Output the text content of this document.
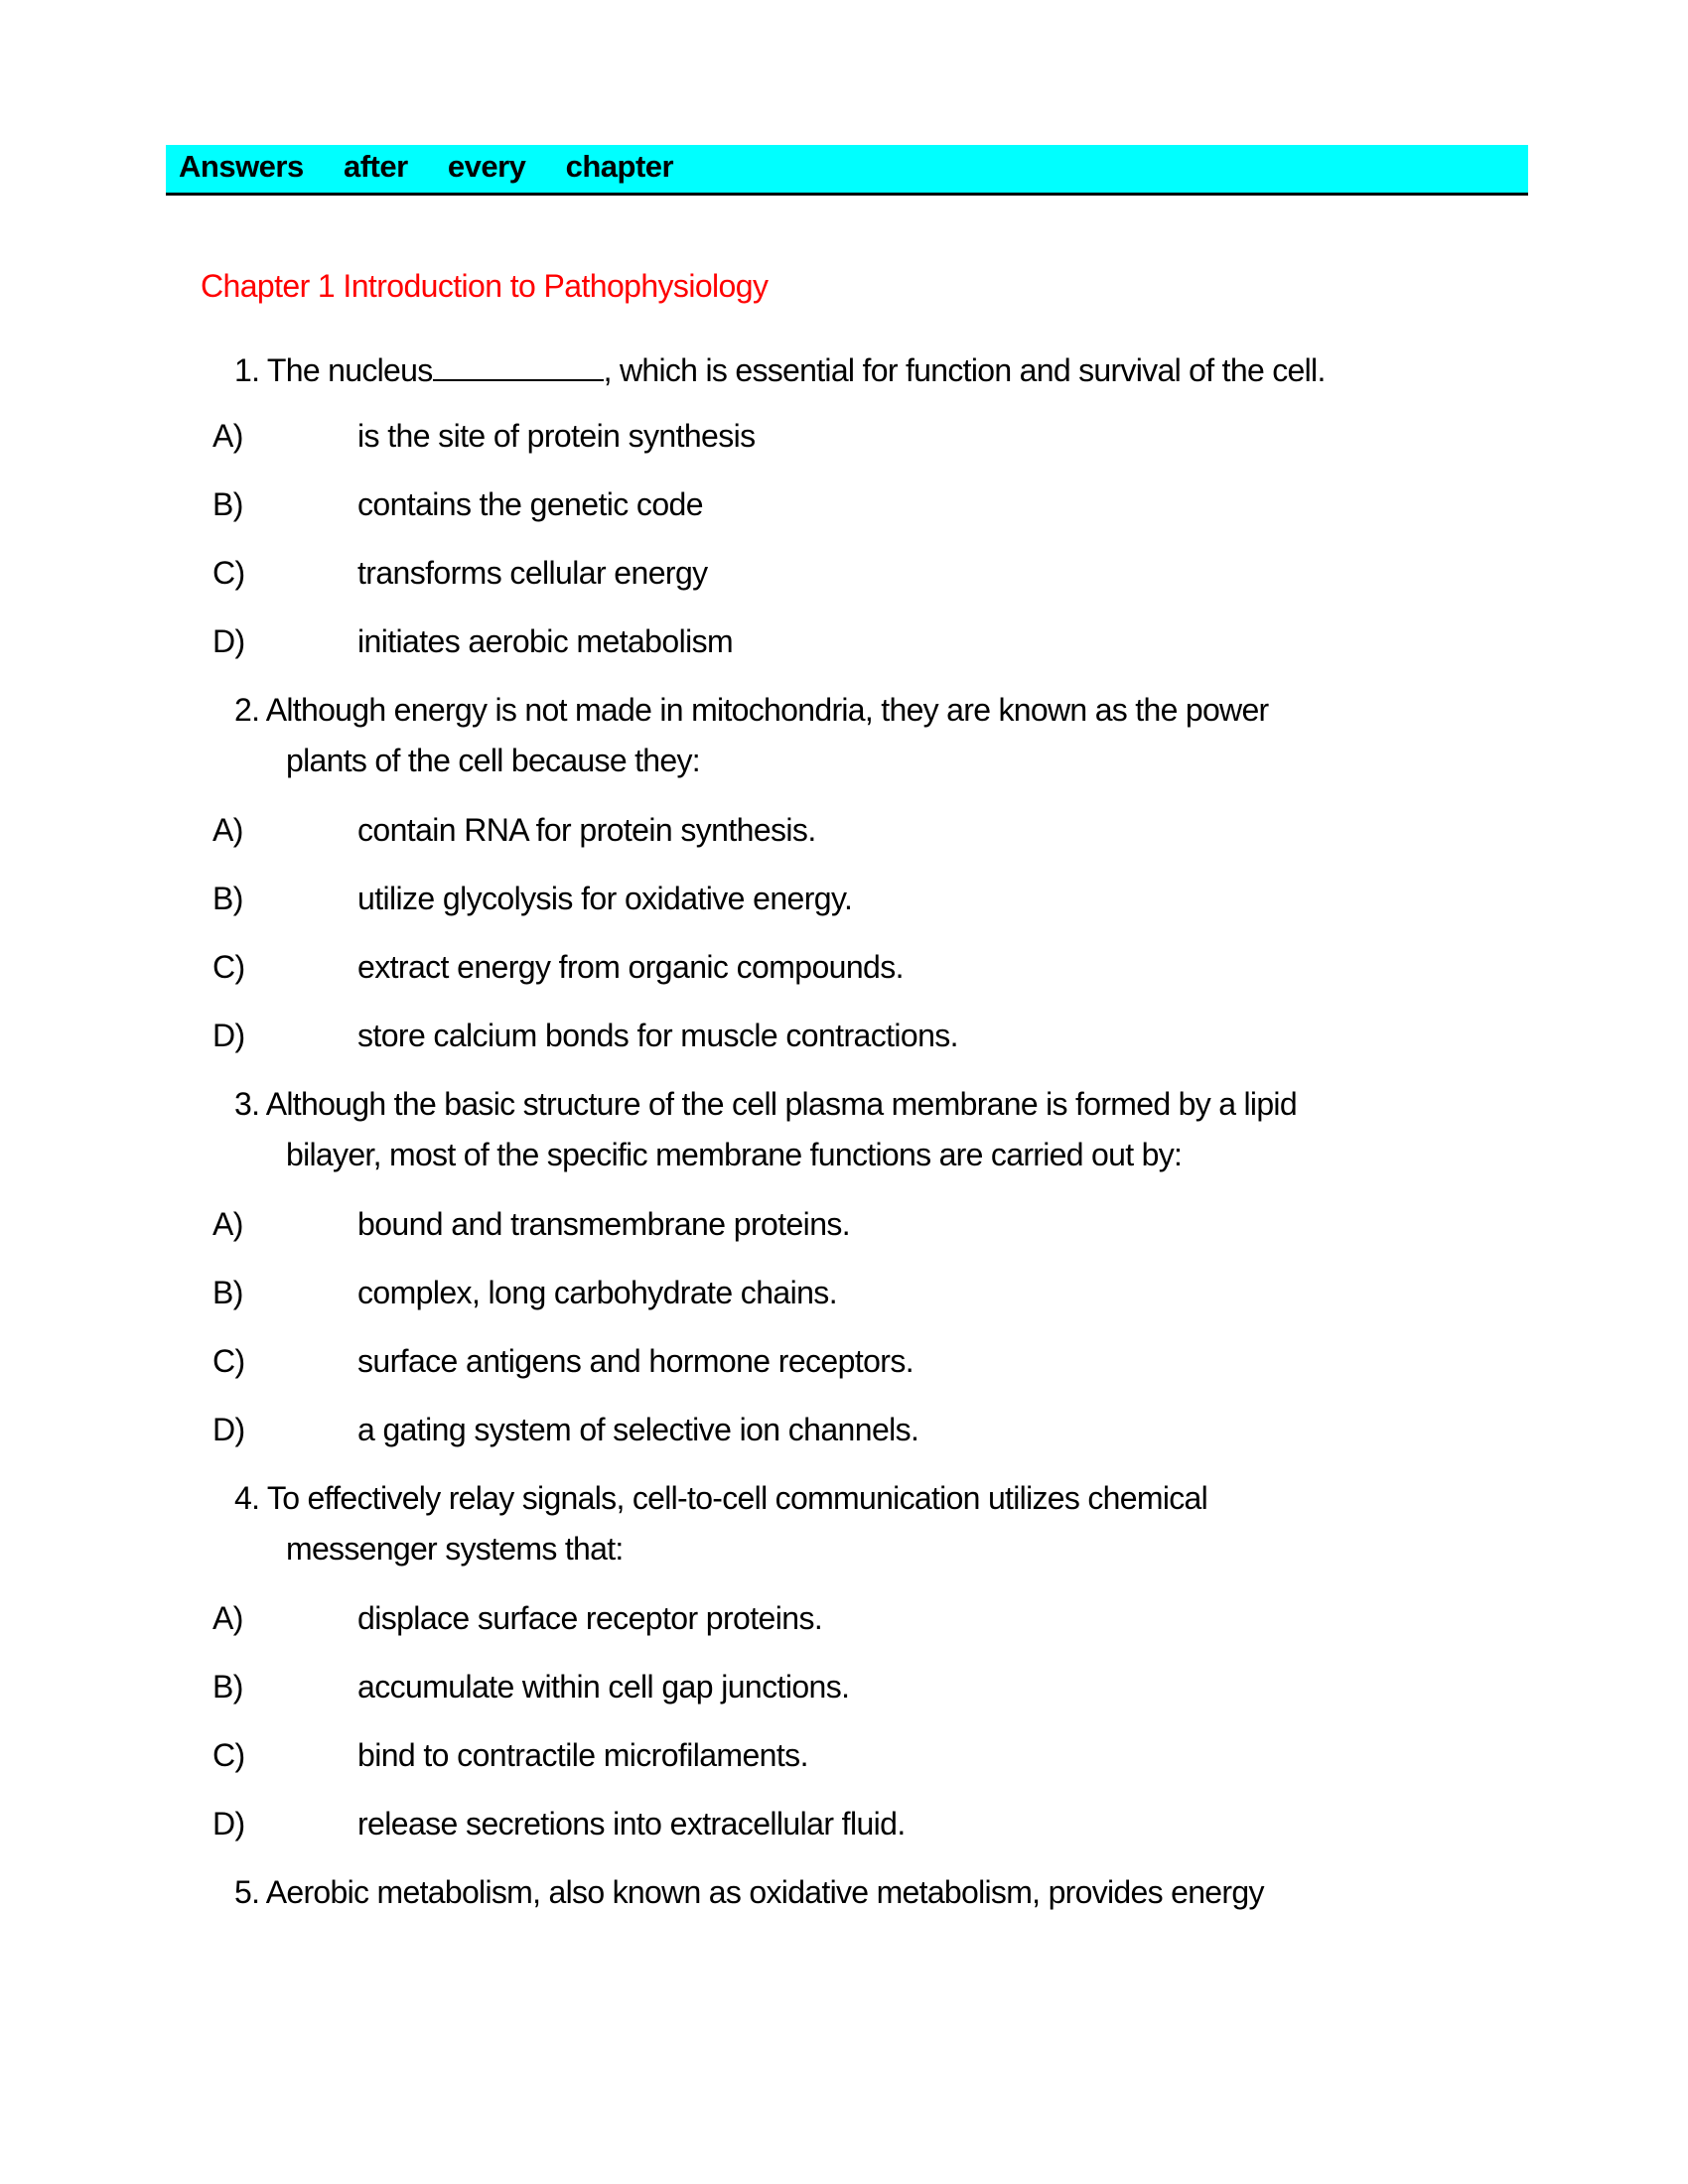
Answers  after  every  chapter
Chapter 1 Introduction to Pathophysiology
1. The nucleus	, which is essential for function and survival of the cell.
A)	is the site of protein synthesis
B)	contains the genetic code
C)	transforms cellular energy
D)	initiates aerobic metabolism
2. Although energy is not made in mitochondria, they are known as the power
plants of the cell because they:
A)	contain RNA for protein synthesis.
B)	utilize glycolysis for oxidative energy.
C)	extract energy from organic compounds.
D)	store calcium bonds for muscle contractions.
3. Although the basic structure of the cell plasma membrane is formed by a lipid
bilayer, most of the specific membrane functions are carried out by:
A)	bound and transmembrane proteins.
B)	complex, long carbohydrate chains.
C)	surface antigens and hormone receptors.
D)	a gating system of selective ion channels.
4. To effectively relay signals, cell-to-cell communication utilizes chemical
messenger systems that:
A)	displace surface receptor proteins.
B)	accumulate within cell gap junctions.
C)	bind to contractile microfilaments.
D)	release secretions into extracellular fluid.
5. Aerobic metabolism, also known as oxidative metabolism, provides energy
